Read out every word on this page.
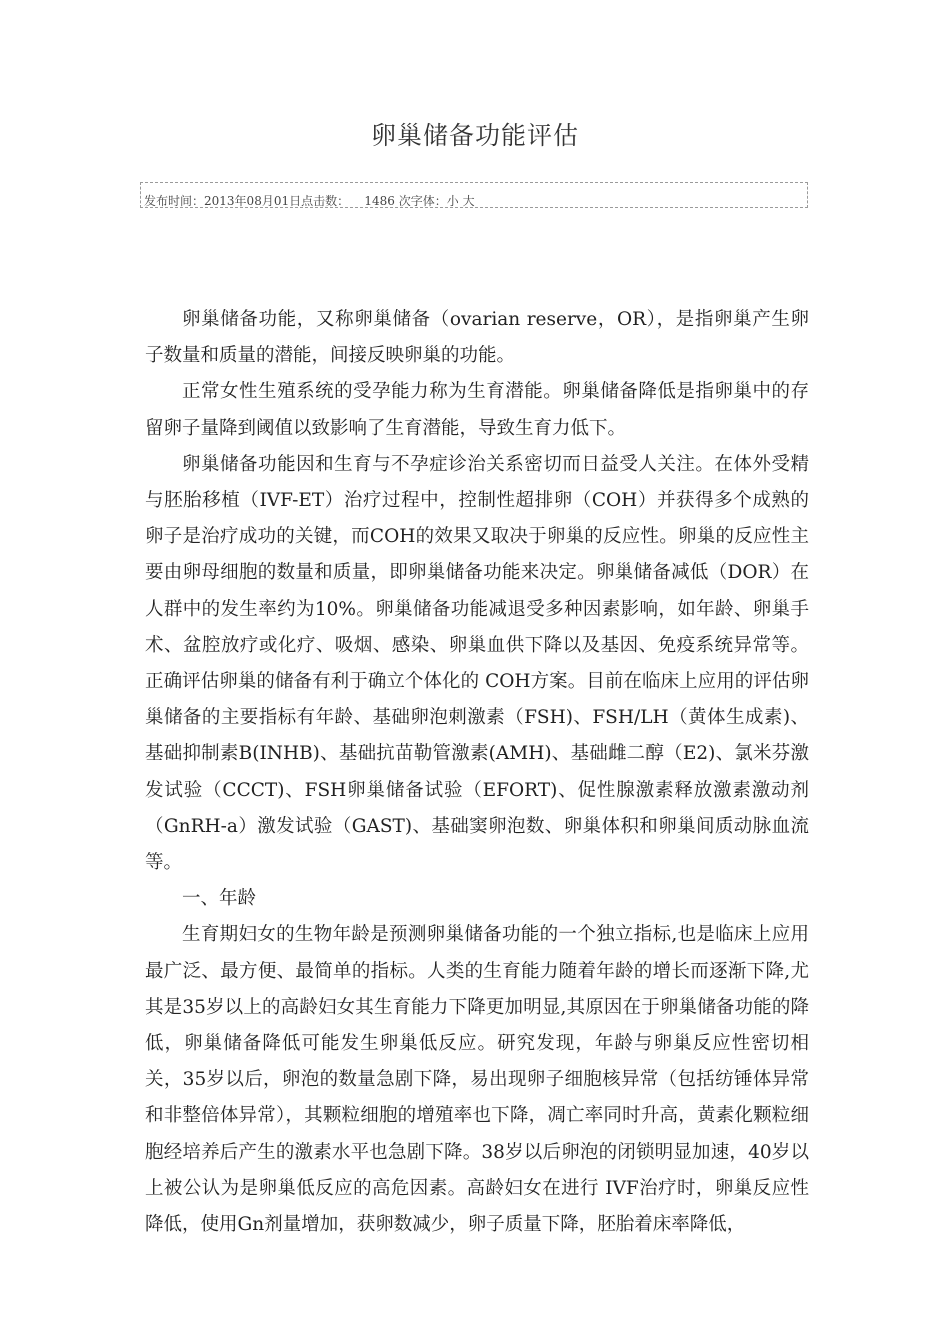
卵巢储备功能评估
发布时间：2013年08月01日点击数： 1486 次字体：小 大

卵巢储备功能，又称卵巢储备（ovarian reserve，OR），是指卵巢产生卵子数量和质量的潜能，间接反映卵巢的功能。

正常女性生殖系统的受孕能力称为生育潜能。卵巢储备降低是指卵巢中的存留卵子量降到阈值以致影响了生育潜能，导致生育力低下。

卵巢储备功能因和生育与不孕症诊治关系密切而日益受人关注。在体外受精与胚胎移植（IVF-ET）治疗过程中，控制性超排卵（COH）并获得多个成熟的卵子是治疗成功的关键，而COH的效果又取决于卵巢的反应性。卵巢的反应性主要由卵母细胞的数量和质量，即卵巢储备功能来决定。卵巢储备减低（DOR）在人群中的发生率约为10%。卵巢储备功能减退受多种因素影响，如年龄、卵巢手术、盆腔放疗或化疗、吸烟、感染、卵巢血供下降以及基因、免疫系统异常等。正确评估卵巢的储备有利于确立个体化的 COH方案。目前在临床上应用的评估卵巢储备的主要指标有年龄、基础卵泡刺激素（FSH)、FSH/LH（黄体生成素)、基础抑制素B(INHB)、基础抗苗勒管激素(AMH)、基础雌二醇（E2)、氯米芬激发试验（CCCT)、FSH卵巢储备试验（EFORT)、促性腺激素释放激素激动剂（GnRH-a）激发试验（GAST)、基础窦卵泡数、卵巢体积和卵巢间质动脉血流等。

一、年龄

生育期妇女的生物年龄是预测卵巢储备功能的一个独立指标,也是临床上应用最广泛、最方便、最简单的指标。人类的生育能力随着年龄的增长而逐渐下降,尤其是35岁以上的高龄妇女其生育能力下降更加明显,其原因在于卵巢储备功能的降低，卵巢储备降低可能发生卵巢低反应。研究发现，年龄与卵巢反应性密切相关，35岁以后，卵泡的数量急剧下降，易出现卵子细胞核异常（包括纺锤体异常和非整倍体异常），其颗粒细胞的增殖率也下降，凋亡率同时升高，黄素化颗粒细胞经培养后产生的激素水平也急剧下降。38岁以后卵泡的闭锁明显加速，40岁以上被公认为是卵巢低反应的高危因素。高龄妇女在进行 IVF治疗时，卵巢反应性降低，使用Gn剂量增加，获卵数减少，卵子质量下降，胚胎着床率降低，
